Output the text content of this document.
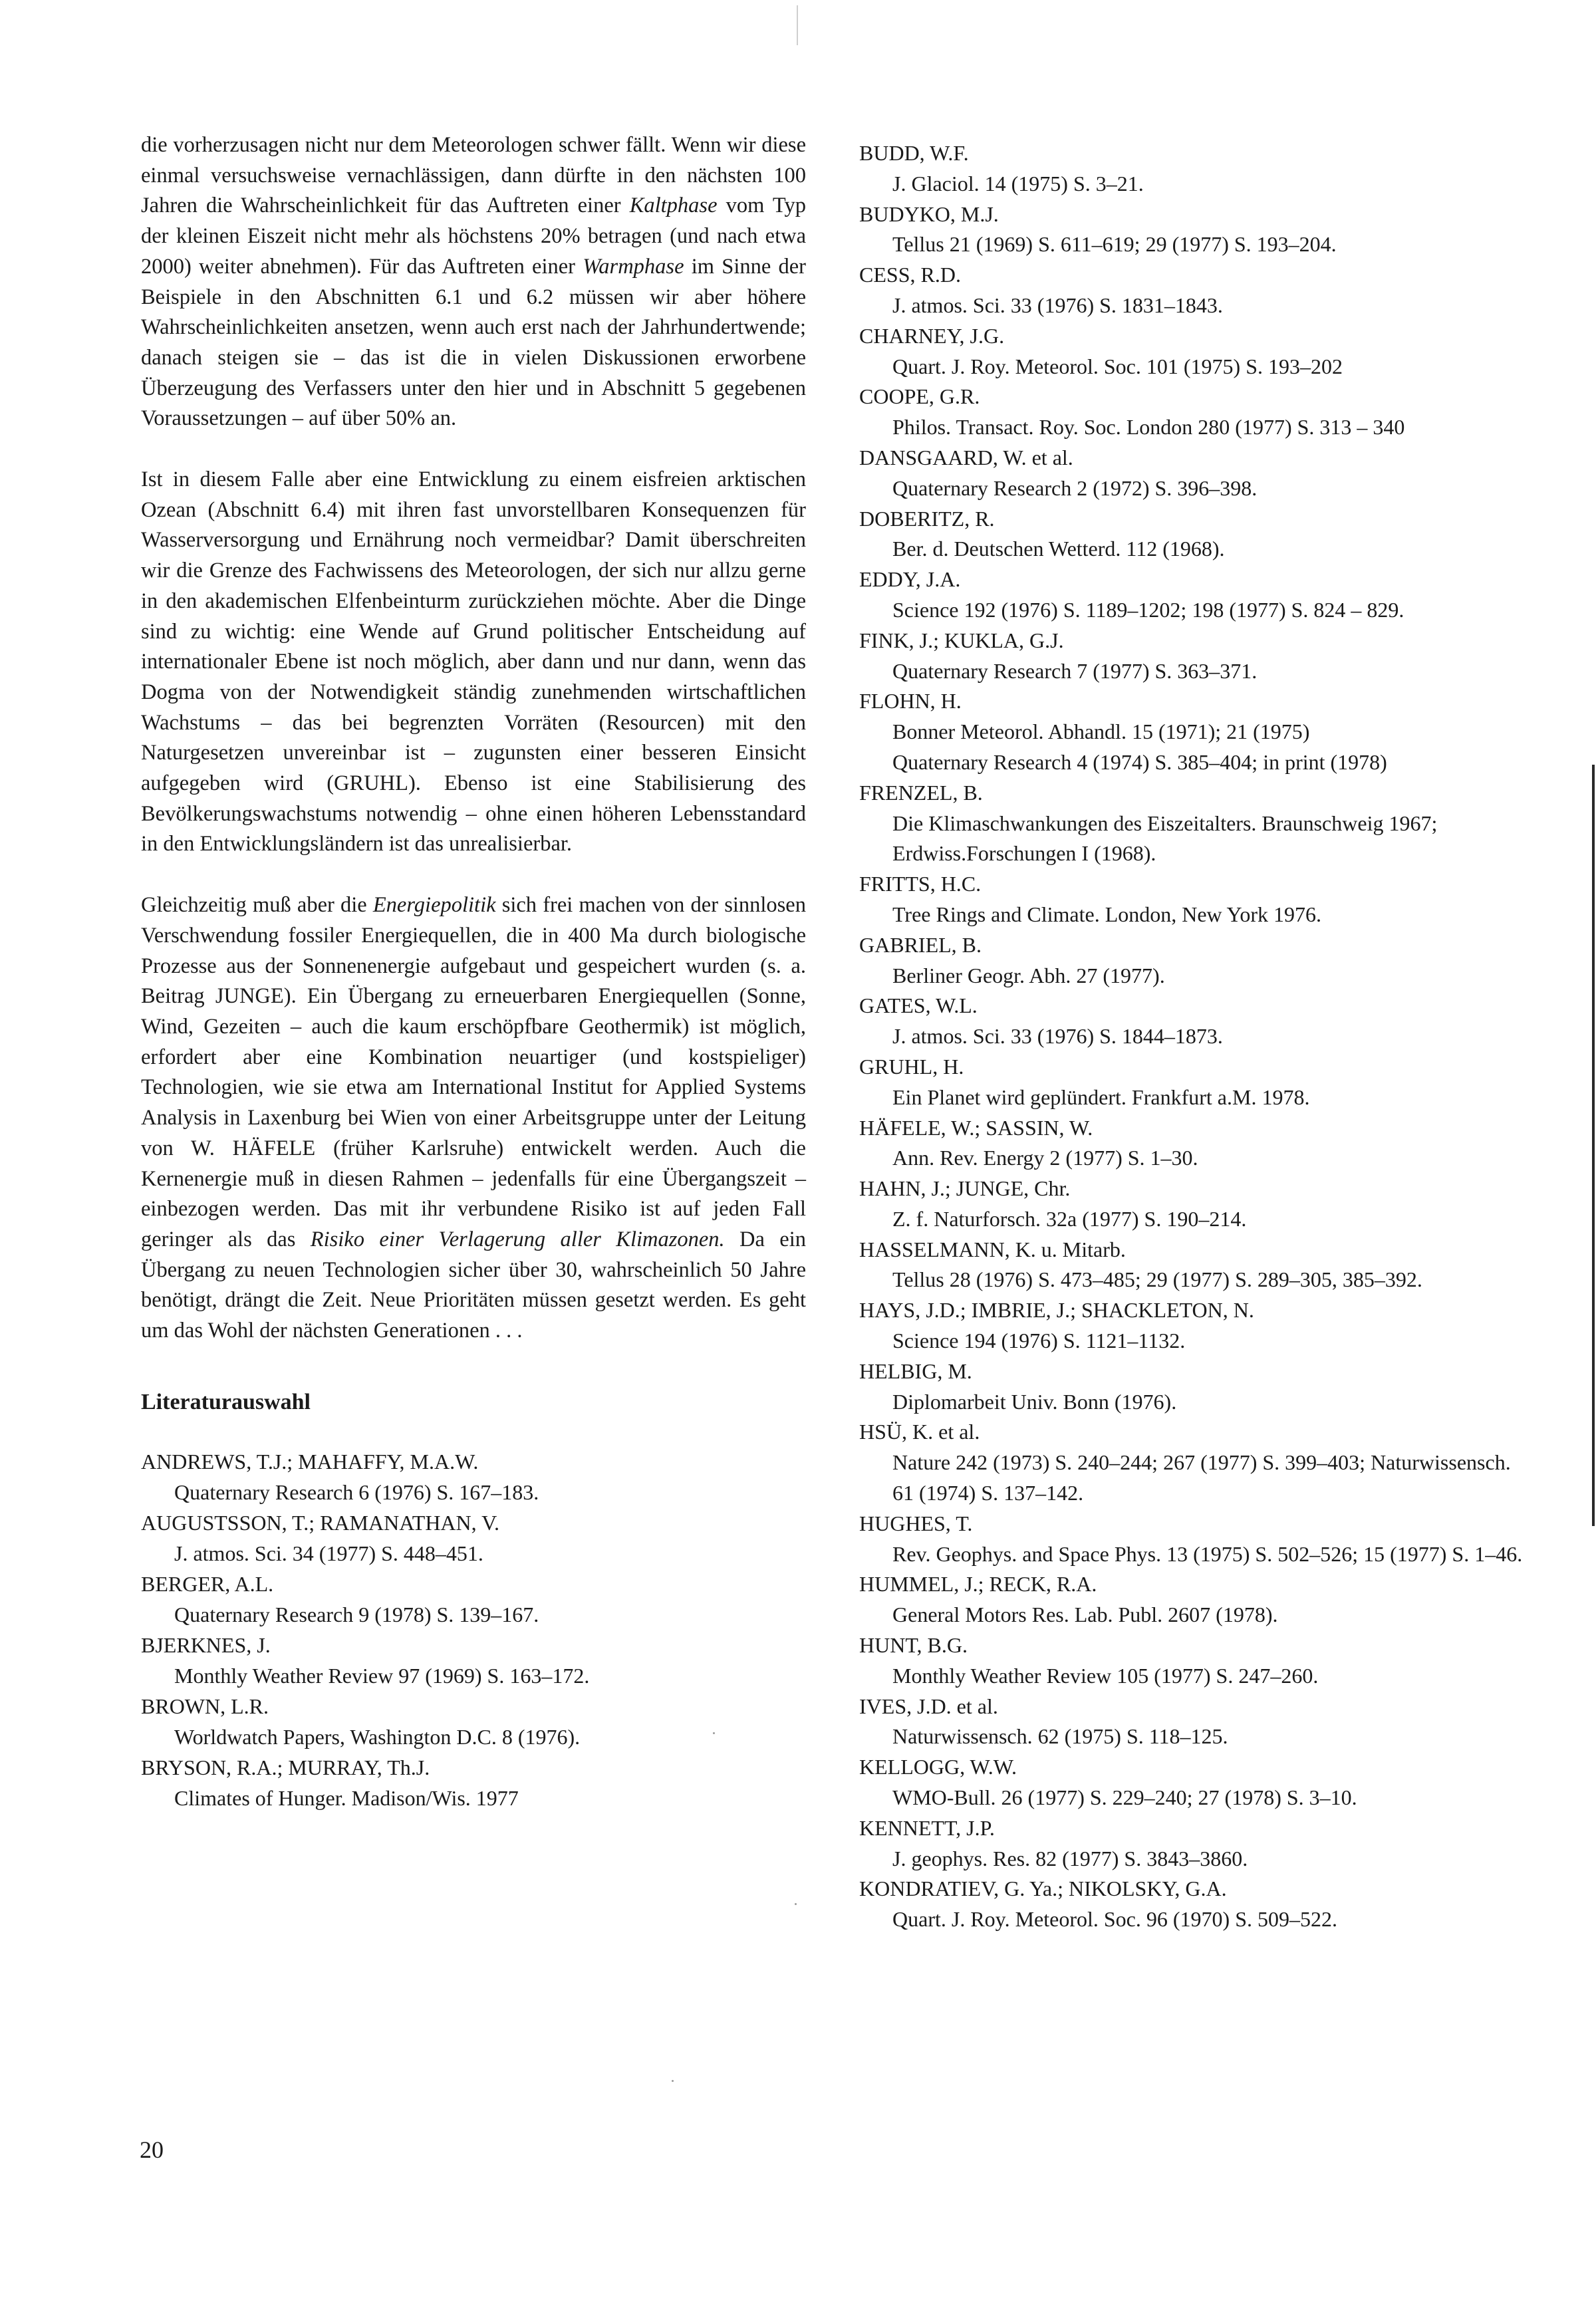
die vorherzusagen nicht nur dem Meteorologen schwer fällt. Wenn wir diese einmal versuchsweise vernachlässigen, dann dürfte in den nächsten 100 Jahren die Wahrscheinlichkeit für das Auftreten einer Kaltphase vom Typ der kleinen Eiszeit nicht mehr als höchstens 20% betragen (und nach etwa 2000) weiter abnehmen). Für das Auftreten einer Warmphase im Sinne der Beispiele in den Abschnitten 6.1 und 6.2 müssen wir aber höhere Wahrscheinlichkeiten ansetzen, wenn auch erst nach der Jahrhundertwende; danach steigen sie – das ist die in vielen Diskussionen erworbene Überzeugung des Verfassers unter den hier und in Abschnitt 5 gegebenen Voraussetzungen – auf über 50% an.

Ist in diesem Falle aber eine Entwicklung zu einem eisfreien arktischen Ozean (Abschnitt 6.4) mit ihren fast unvorstellbaren Konsequenzen für Wasserversorgung und Ernährung noch vermeidbar? Damit überschreiten wir die Grenze des Fachwissens des Meteorologen, der sich nur allzu gerne in den akademischen Elfenbeinturm zurückziehen möchte. Aber die Dinge sind zu wichtig: eine Wende auf Grund politischer Entscheidung auf internationaler Ebene ist noch möglich, aber dann und nur dann, wenn das Dogma von der Notwendigkeit ständig zunehmenden wirtschaftlichen Wachstums – das bei begrenzten Vorräten (Resourcen) mit den Naturgesetzen unvereinbar ist – zugunsten einer besseren Einsicht aufgegeben wird (GRUHL). Ebenso ist eine Stabilisierung des Bevölkerungswachstums notwendig – ohne einen höheren Lebensstandard in den Entwicklungsländern ist das unrealisierbar.

Gleichzeitig muß aber die Energiepolitik sich frei machen von der sinnlosen Verschwendung fossiler Energiequellen, die in 400 Ma durch biologische Prozesse aus der Sonnenenergie aufgebaut und gespeichert wurden (s. a. Beitrag JUNGE). Ein Übergang zu erneuerbaren Energiequellen (Sonne, Wind, Gezeiten – auch die kaum erschöpfbare Geothermik) ist möglich, erfordert aber eine Kombination neuartiger (und kostspieliger) Technologien, wie sie etwa am International Institut for Applied Systems Analysis in Laxenburg bei Wien von einer Arbeitsgruppe unter der Leitung von W. HÄFELE (früher Karlsruhe) entwickelt werden. Auch die Kernenergie muß in diesen Rahmen – jedenfalls für eine Übergangszeit – einbezogen werden. Das mit ihr verbundene Risiko ist auf jeden Fall geringer als das Risiko einer Verlagerung aller Klimazonen. Da ein Übergang zu neuen Technologien sicher über 30, wahrscheinlich 50 Jahre benötigt, drängt die Zeit. Neue Prioritäten müssen gesetzt werden. Es geht um das Wohl der nächsten Generationen . . .

Literaturauswahl
ANDREWS, T.J.; MAHAFFY, M.A.W.
Quaternary Research 6 (1976) S. 167–183.
AUGUSTSSON, T.; RAMANATHAN, V.
J. atmos. Sci. 34 (1977) S. 448–451.
BERGER, A.L.
Quaternary Research 9 (1978) S. 139–167.
BJERKNES, J.
Monthly Weather Review 97 (1969) S. 163–172.
BROWN, L.R.
Worldwatch Papers, Washington D.C. 8 (1976).
BRYSON, R.A.; MURRAY, Th.J.
Climates of Hunger. Madison/Wis. 1977
BUDD, W.F.
J. Glaciol. 14 (1975) S. 3–21.
BUDYKO, M.J.
Tellus 21 (1969) S. 611–619; 29 (1977) S. 193–204.
CESS, R.D.
J. atmos. Sci. 33 (1976) S. 1831–1843.
CHARNEY, J.G.
Quart. J. Roy. Meteorol. Soc. 101 (1975) S. 193–202
COOPE, G.R.
Philos. Transact. Roy. Soc. London 280 (1977) S. 313 – 340
DANSGAARD, W. et al.
Quaternary Research 2 (1972) S. 396–398.
DOBERITZ, R.
Ber. d. Deutschen Wetterd. 112 (1968).
EDDY, J.A.
Science 192 (1976) S. 1189–1202; 198 (1977) S. 824 – 829.
FINK, J.; KUKLA, G.J.
Quaternary Research 7 (1977) S. 363–371.
FLOHN, H.
Bonner Meteorol. Abhandl. 15 (1971); 21 (1975)
Quaternary Research 4 (1974) S. 385–404; in print (1978)
FRENZEL, B.
Die Klimaschwankungen des Eiszeitalters. Braunschweig 1967; Erdwiss.Forschungen I (1968).
FRITTS, H.C.
Tree Rings and Climate. London, New York 1976.
GABRIEL, B.
Berliner Geogr. Abh. 27 (1977).
GATES, W.L.
J. atmos. Sci. 33 (1976) S. 1844–1873.
GRUHL, H.
Ein Planet wird geplündert. Frankfurt a.M. 1978.
HÄFELE, W.; SASSIN, W.
Ann. Rev. Energy 2 (1977) S. 1–30.
HAHN, J.; JUNGE, Chr.
Z. f. Naturforsch. 32a (1977) S. 190–214.
HASSELMANN, K. u. Mitarb.
Tellus 28 (1976) S. 473–485; 29 (1977) S. 289–305, 385–392.
HAYS, J.D.; IMBRIE, J.; SHACKLETON, N.
Science 194 (1976) S. 1121–1132.
HELBIG, M.
Diplomarbeit Univ. Bonn (1976).
HSÜ, K. et al.
Nature 242 (1973) S. 240–244; 267 (1977) S. 399–403; Naturwissensch. 61 (1974) S. 137–142.
HUGHES, T.
Rev. Geophys. and Space Phys. 13 (1975) S. 502–526; 15 (1977) S. 1–46.
HUMMEL, J.; RECK, R.A.
General Motors Res. Lab. Publ. 2607 (1978).
HUNT, B.G.
Monthly Weather Review 105 (1977) S. 247–260.
IVES, J.D. et al.
Naturwissensch. 62 (1975) S. 118–125.
KELLOGG, W.W.
WMO-Bull. 26 (1977) S. 229–240; 27 (1978) S. 3–10.
KENNETT, J.P.
J. geophys. Res. 82 (1977) S. 3843–3860.
KONDRATIEV, G. Ya.; NIKOLSKY, G.A.
Quart. J. Roy. Meteorol. Soc. 96 (1970) S. 509–522.
20
